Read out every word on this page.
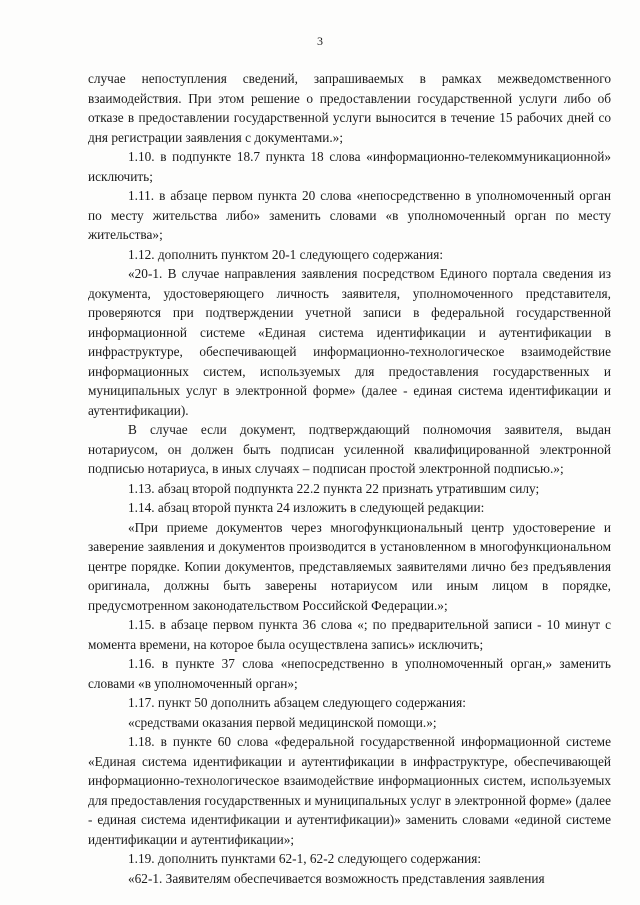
3

случае непоступления сведений, запрашиваемых в рамках межведомственного взаимодействия. При этом решение о предоставлении государственной услуги либо об отказе в предоставлении государственной услуги выносится в течение 15 рабочих дней со дня регистрации заявления с документами.»;

1.10. в подпункте 18.7 пункта 18 слова «информационно-телекоммуникационной» исключить;

1.11. в абзаце первом пункта 20 слова «непосредственно в уполномоченный орган по месту жительства либо» заменить словами «в уполномоченный орган по месту жительства»;

1.12. дополнить пунктом 20-1 следующего содержания:

«20-1. В случае направления заявления посредством Единого портала сведения из документа, удостоверяющего личность заявителя, уполномоченного представителя, проверяются при подтверждении учетной записи в федеральной государственной информационной системе «Единая система идентификации и аутентификации в инфраструктуре, обеспечивающей информационно-технологическое взаимодействие информационных систем, используемых для предоставления государственных и муниципальных услуг в электронной форме» (далее - единая система идентификации и аутентификации).

В случае если документ, подтверждающий полномочия заявителя, выдан нотариусом, он должен быть подписан усиленной квалифицированной электронной подписью нотариуса, в иных случаях – подписан простой электронной подписью.»;

1.13. абзац второй подпункта 22.2 пункта 22 признать утратившим силу;

1.14. абзац второй пункта 24 изложить в следующей редакции:

«При приеме документов через многофункциональный центр удостоверение и заверение заявления и документов производится в установленном в многофункциональном центре порядке. Копии документов, представляемых заявителями лично без предъявления оригинала, должны быть заверены нотариусом или иным лицом в порядке, предусмотренном законодательством Российской Федерации.»;

1.15. в абзаце первом пункта 36 слова «; по предварительной записи - 10 минут с момента времени, на которое была осуществлена запись» исключить;

1.16. в пункте 37 слова «непосредственно в уполномоченный орган,» заменить словами «в уполномоченный орган»;

1.17. пункт 50 дополнить абзацем следующего содержания:

«средствами оказания первой медицинской помощи.»;

1.18. в пункте 60 слова «федеральной государственной информационной системе «Единая система идентификации и аутентификации в инфраструктуре, обеспечивающей информационно-технологическое взаимодействие информационных систем, используемых для предоставления государственных и муниципальных услуг в электронной форме» (далее - единая система идентификации и аутентификации)» заменить словами «единой системе идентификации и аутентификации»;

1.19. дополнить пунктами 62-1, 62-2 следующего содержания:

«62-1. Заявителям обеспечивается возможность представления заявления
